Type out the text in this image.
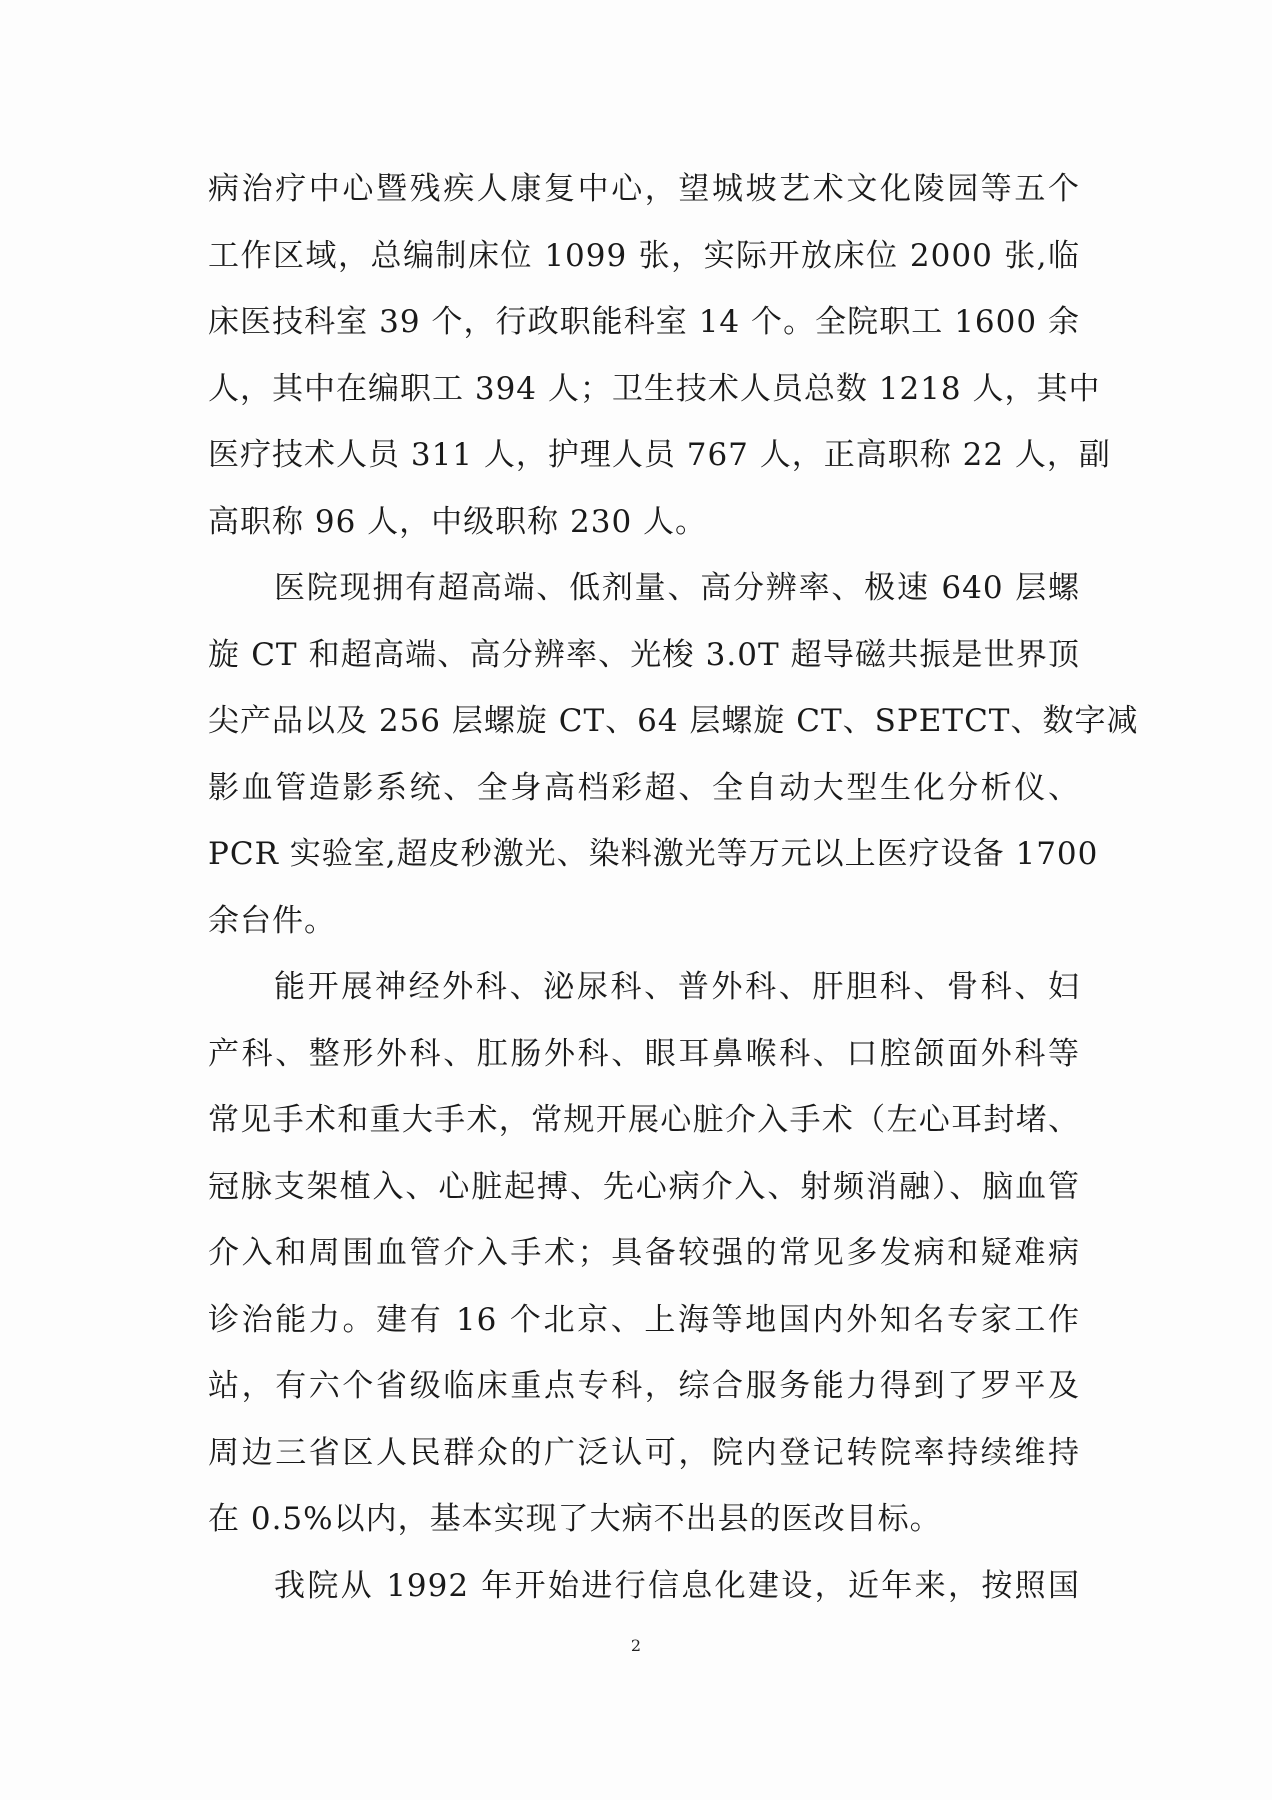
病治疗中心暨残疾人康复中心，望城坡艺术文化陵园等五个
工作区域，总编制床位 1099 张，实际开放床位 2000 张,临
床医技科室 39 个，行政职能科室 14 个。全院职工 1600 余
人，其中在编职工 394 人；卫生技术人员总数 1218 人，其中
医疗技术人员 311 人，护理人员 767 人，正高职称 22 人，副
高职称 96 人，中级职称 230 人。
医院现拥有超高端、低剂量、高分辨率、极速 640 层螺
旋 CT 和超高端、高分辨率、光梭 3.0T 超导磁共振是世界顶
尖产品以及 256 层螺旋 CT、64 层螺旋 CT、SPETCT、数字减
影血管造影系统、全身高档彩超、全自动大型生化分析仪、
PCR 实验室,超皮秒激光、染料激光等万元以上医疗设备 1700
余台件。
能开展神经外科、泌尿科、普外科、肝胆科、骨科、妇
产科、整形外科、肛肠外科、眼耳鼻喉科、口腔颌面外科等
常见手术和重大手术，常规开展心脏介入手术（左心耳封堵、
冠脉支架植入、心脏起搏、先心病介入、射频消融）、脑血管
介入和周围血管介入手术；具备较强的常见多发病和疑难病
诊治能力。建有 16 个北京、上海等地国内外知名专家工作
站，有六个省级临床重点专科，综合服务能力得到了罗平及
周边三省区人民群众的广泛认可，院内登记转院率持续维持
在 0.5%以内，基本实现了大病不出县的医改目标。
我院从 1992 年开始进行信息化建设，近年来，按照国
2
